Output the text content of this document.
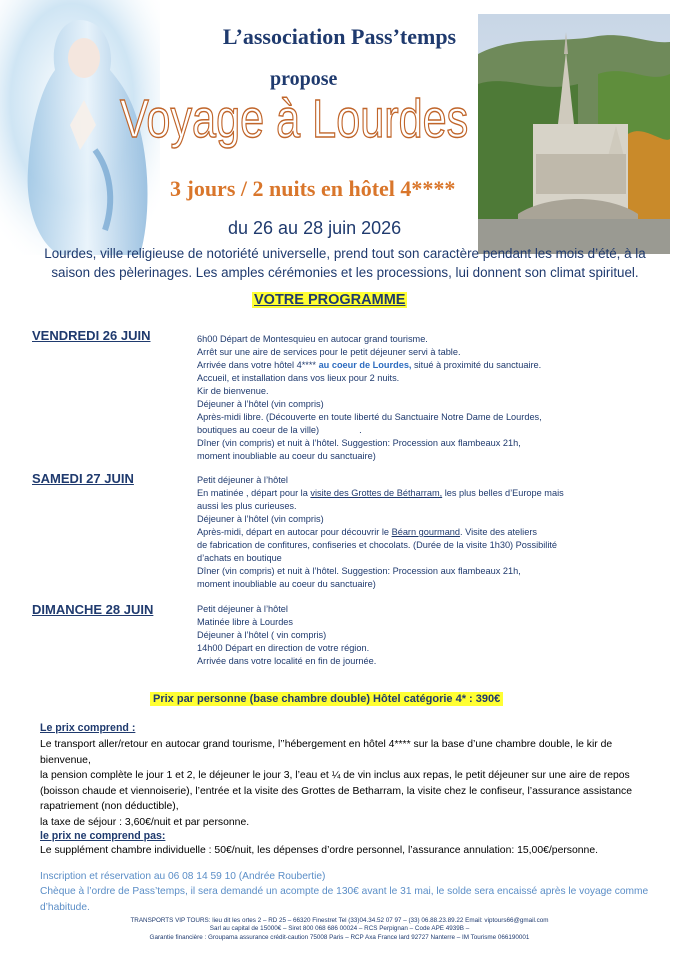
L’association Pass’temps
propose
Voyage à Lourdes
3 jours / 2 nuits en hôtel 4****
du 26 au 28 juin 2026
Lourdes, ville religieuse de notoriété universelle, prend tout son caractère pendant les mois d’été, à la saison des pèlerinages. Les amples cérémonies et les processions, lui donnent son climat spirituel.
VOTRE PROGRAMME
VENDREDI 26 JUIN	6h00 Départ de Montesquieu en autocar grand tourisme.
Arrêt sur une aire de services pour le petit déjeuner servi à table.
Arrivée dans votre hôtel 4**** au coeur de Lourdes, situé à proximité du sanctuaire.
Accueil, et installation dans vos lieux pour 2 nuits.
Kir de bienvenue.
Déjeuner à l’hôtel (vin compris)
Après-midi libre. (Découverte en toute liberté du Sanctuaire Notre Dame de Lourdes,
boutiques au coeur de la ville)	.
Dîner (vin compris) et nuit à l’hôtel. Suggestion: Procession aux flambeaux 21h,
moment inoubliable au coeur du sanctuaire)
SAMEDI 27 JUIN	Petit déjeuner à l’hôtel
En matinée , départ pour la visite des Grottes de Bétharram, les plus belles d’Europe mais
aussi les plus curieuses.
Déjeuner à l’hôtel (vin compris)
Après-midi, départ en autocar pour découvrir le Béarn gourmand. Visite des ateliers
de fabrication de confitures, confiseries et chocolats. (Durée de la visite 1h30) Possibilité
d’achats en boutique
Dîner (vin compris) et nuit à l’hôtel. Suggestion: Procession aux flambeaux 21h,
moment inoubliable au coeur du sanctuaire)
DIMANCHE 28 JUIN	Petit déjeuner à l’hôtel
Matinée libre à Lourdes
Déjeuner à l’hôtel ( vin compris)
14h00 Départ en direction de votre région.
Arrivée dans votre localité en fin de journée.
Prix par personne (base chambre double) Hôtel catégorie 4* : 390€
Le prix comprend :
Le transport aller/retour en autocar grand tourisme, l’’hébergement en hôtel 4**** sur la base d’une chambre double, le kir de bienvenue,
la pension complète le jour 1 et 2, le déjeuner le jour 3, l’eau et ¼ de vin inclus aux repas, le petit déjeuner sur une aire de repos (boisson chaude et viennoiserie), l’entrée et la visite des Grottes de Betharram, la visite chez le confiseur, l’assurance assistance rapatriement (non déductible),
la taxe de séjour : 3,60€/nuit et par personne.
le prix ne comprend pas:
Le supplément chambre individuelle : 50€/nuit, les dépenses d’ordre personnel, l’assurance annulation: 15,00€/personne.
Inscription et réservation au 06 08 14 59 10 (Andrée Roubertie)
Chèque à l’ordre de Pass’temps, il sera demandé un acompte de 130€ avant le 31 mai, le solde sera encaissé après le voyage comme d’habitude.
TRANSPORTS VIP TOURS: lieu dit les ortes 2 – RD 25 – 66320 Finestret Tel (33)04.34.52 07 97 – (33) 06.88.23.89.22 Email: viptours66@gmail.com
Sarl au capital de 15000€ – Siret 800 068 686 00024 – RCS Perpignan – Code APE 4939B –
Garantie financière : Groupama assurance crédit-caution 75008 Paris – RCP Axa France lard 92727 Nanterre – IM Tourisme 066190001
